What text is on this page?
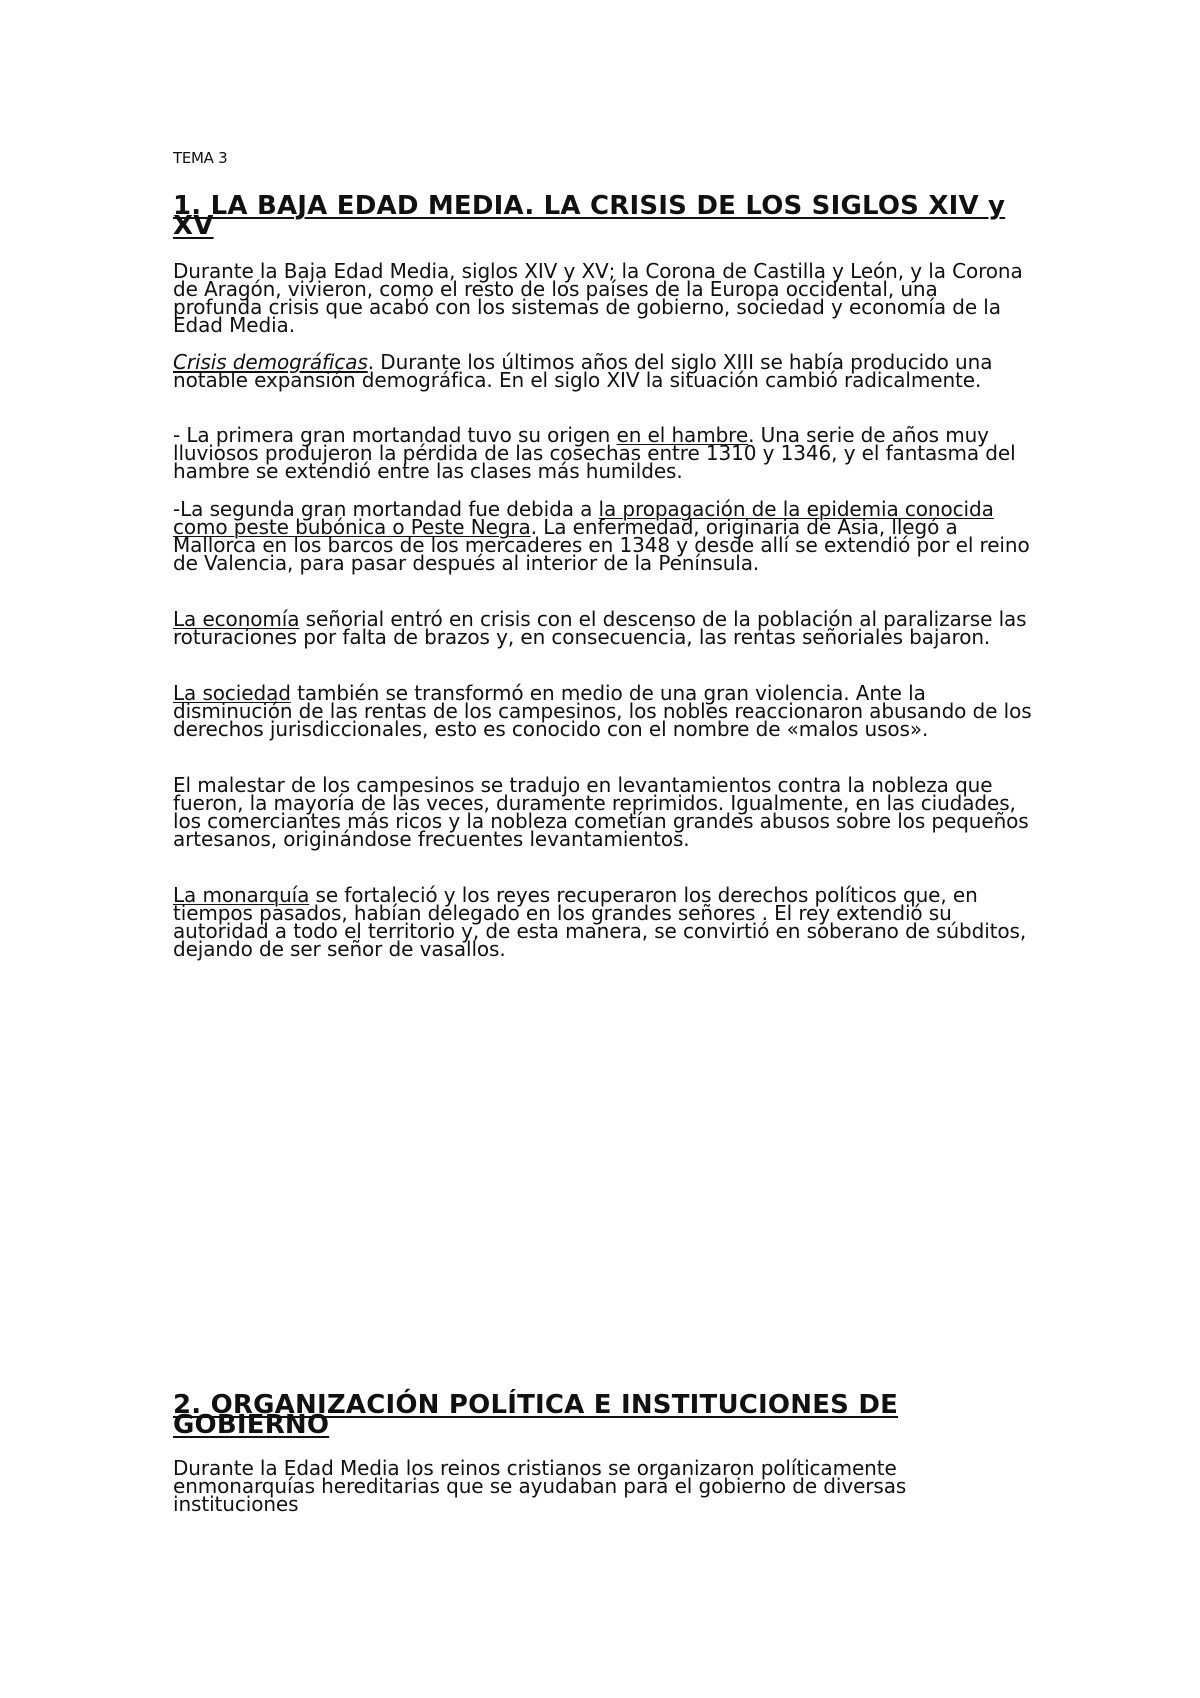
TEMA 3
1. LA BAJA EDAD MEDIA. LA CRISIS DE LOS SIGLOS XIV y XV

Durante la Baja Edad Media, siglos XIV y XV; la Corona de Castilla y León, y la Corona de Aragón, vivieron, como el resto de los países de la Europa occidental, una profunda crisis que acabó con los sistemas de gobierno, sociedad y economía de la Edad Media.

Crisis demográficas. Durante los últimos años del siglo XIII se había producido una notable expansión demográfica. En el siglo XIV la situación cambió radicalmente.

- La primera gran mortandad tuvo su origen en el hambre. Una serie de años muy lluviosos produjeron la pérdida de las cosechas entre 1310 y 1346, y el fantasma del hambre se extendió entre las clases más humildes.

-La segunda gran mortandad fue debida a la propagación de la epidemia conocida como peste bubónica o Peste Negra. La enfermedad, originaria de Asia, llegó a Mallorca en los barcos de los mercaderes en 1348 y desde allí se extendió por el reino de Valencia, para pasar después al interior de la Península.

La economía señorial entró en crisis con el descenso de la población al paralizarse las roturaciones por falta de brazos y, en consecuencia, las rentas señoriales bajaron.

La sociedad también se transformó en medio de una gran violencia. Ante la disminución de las rentas de los campesinos, los nobles reaccionaron abusando de los derechos jurisdiccionales, esto es conocido con el nombre de «malos usos».

El malestar de los campesinos se tradujo en levantamientos contra la nobleza que fueron, la mayoría de las veces, duramente reprimidos. Igualmente, en las ciudades, los comerciantes más ricos y la nobleza cometían grandes abusos sobre los pequeños artesanos, originándose frecuentes levantamientos.

La monarquía se fortaleció y los reyes recuperaron los derechos políticos que, en tiempos pasados, habían delegado en los grandes señores . El rey extendió su autoridad a todo el territorio y, de esta manera, se convirtió en soberano de súbditos, dejando de ser señor de vasallos.

2. ORGANIZACIÓN POLÍTICA E INSTITUCIONES DE GOBIERNO

Durante la Edad Media los reinos cristianos se organizaron políticamente enmonarquías hereditarias que se ayudaban para el gobierno de diversas instituciones
